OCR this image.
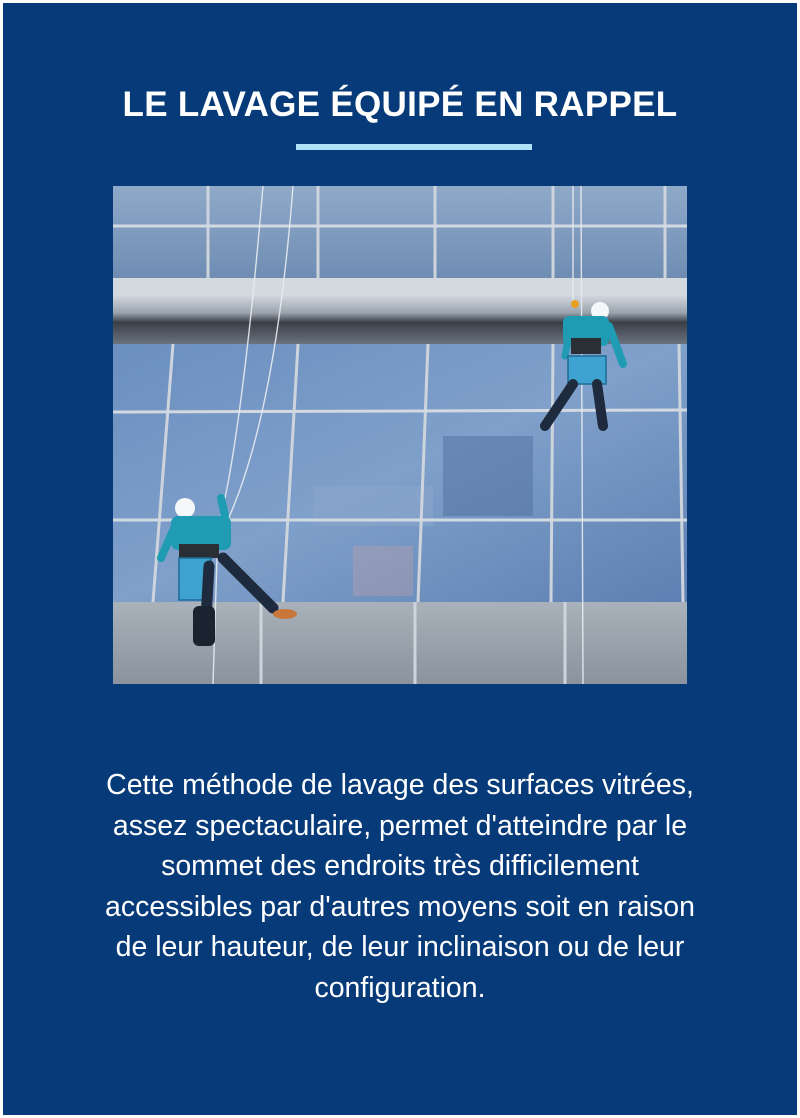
LE LAVAGE ÉQUIPÉ EN RAPPEL

Cette méthode de lavage des surfaces vitrées, assez spectaculaire, permet d'atteindre par le sommet des endroits très difficilement accessibles par d'autres moyens soit en raison de leur hauteur, de leur inclinaison ou de leur configuration.
